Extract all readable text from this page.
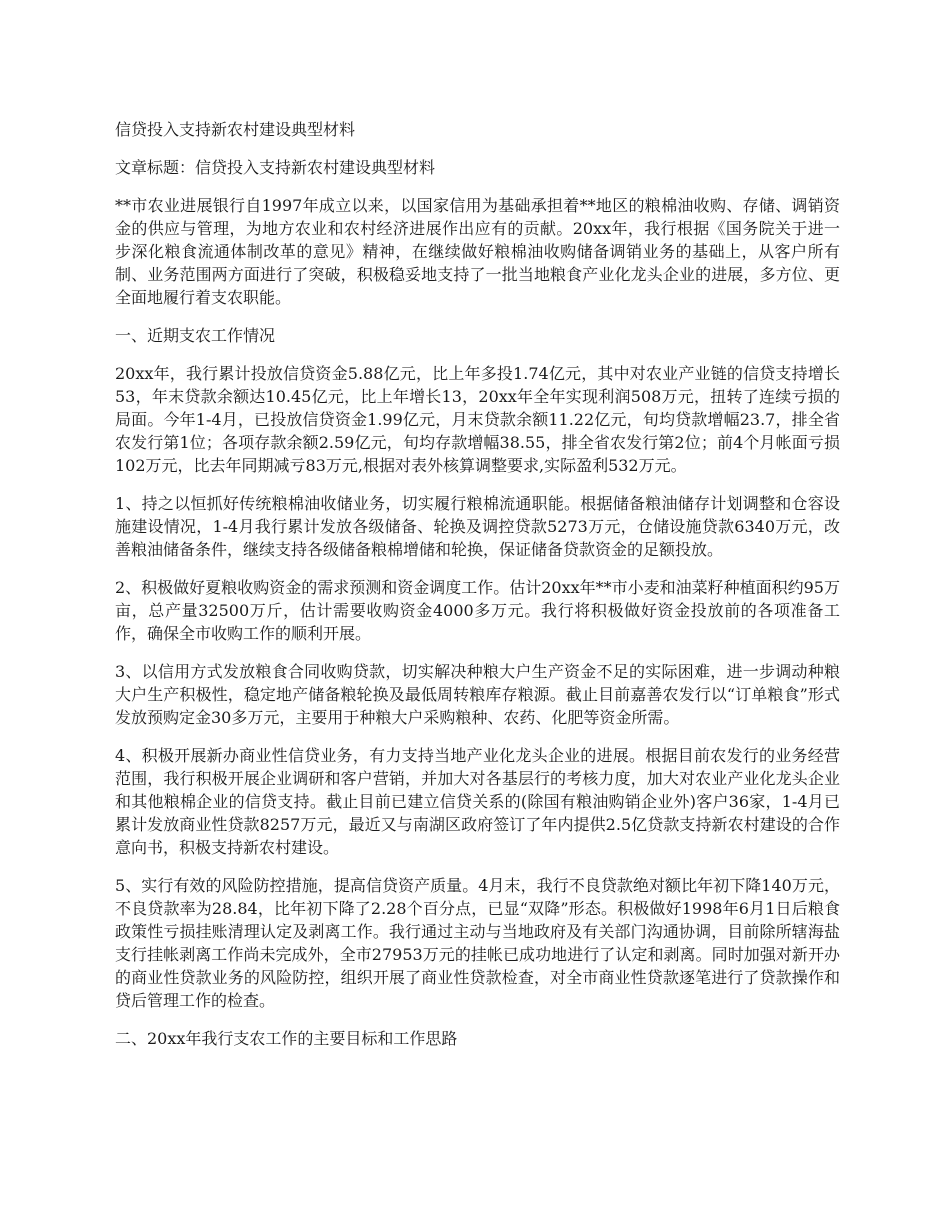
信贷投入支持新农村建设典型材料
文章标题：信贷投入支持新农村建设典型材料
**市农业进展银行自1997年成立以来，以国家信用为基础承担着**地区的粮棉油收购、存储、调销资金的供应与管理，为地方农业和农村经济进展作出应有的贡献。20xx年，我行根据《国务院关于进一步深化粮食流通体制改革的意见》精神，在继续做好粮棉油收购储备调销业务的基础上，从客户所有制、业务范围两方面进行了突破，积极稳妥地支持了一批当地粮食产业化龙头企业的进展，多方位、更全面地履行着支农职能。
一、近期支农工作情况
20xx年，我行累计投放信贷资金5.88亿元，比上年多投1.74亿元，其中对农业产业链的信贷支持增长53，年末贷款余额达10.45亿元，比上年增长13，20xx年全年实现利润508万元，扭转了连续亏损的局面。今年1-4月，已投放信贷资金1.99亿元，月末贷款余额11.22亿元，旬均贷款增幅23.7，排全省农发行第1位；各项存款余额2.59亿元，旬均存款增幅38.55，排全省农发行第2位；前4个月帐面亏损102万元，比去年同期减亏83万元,根据对表外核算调整要求,实际盈利532万元。
1、持之以恒抓好传统粮棉油收储业务，切实履行粮棉流通职能。根据储备粮油储存计划调整和仓容设施建设情况，1-4月我行累计发放各级储备、轮换及调控贷款5273万元，仓储设施贷款6340万元，改善粮油储备条件，继续支持各级储备粮棉增储和轮换，保证储备贷款资金的足额投放。
2、积极做好夏粮收购资金的需求预测和资金调度工作。估计20xx年**市小麦和油菜籽种植面积约95万亩，总产量32500万斤，估计需要收购资金4000多万元。我行将积极做好资金投放前的各项准备工作，确保全市收购工作的顺利开展。
3、以信用方式发放粮食合同收购贷款，切实解决种粮大户生产资金不足的实际困难，进一步调动种粮大户生产积极性，稳定地产储备粮轮换及最低周转粮库存粮源。截止目前嘉善农发行以“订单粮食”形式发放预购定金30多万元，主要用于种粮大户采购粮种、农药、化肥等资金所需。
4、积极开展新办商业性信贷业务，有力支持当地产业化龙头企业的进展。根据目前农发行的业务经营范围，我行积极开展企业调研和客户营销，并加大对各基层行的考核力度，加大对农业产业化龙头企业和其他粮棉企业的信贷支持。截止目前已建立信贷关系的(除国有粮油购销企业外)客户36家，1-4月已累计发放商业性贷款8257万元，最近又与南湖区政府签订了年内提供2.5亿贷款支持新农村建设的合作意向书，积极支持新农村建设。
5、实行有效的风险防控措施，提高信贷资产质量。4月末，我行不良贷款绝对额比年初下降140万元，不良贷款率为28.84，比年初下降了2.28个百分点，已显“双降”形态。积极做好1998年6月1日后粮食政策性亏损挂账清理认定及剥离工作。我行通过主动与当地政府及有关部门沟通协调，目前除所辖海盐支行挂帐剥离工作尚未完成外，全市27953万元的挂帐已成功地进行了认定和剥离。同时加强对新开办的商业性贷款业务的风险防控，组织开展了商业性贷款检查，对全市商业性贷款逐笔进行了贷款操作和贷后管理工作的检查。
二、20xx年我行支农工作的主要目标和工作思路
